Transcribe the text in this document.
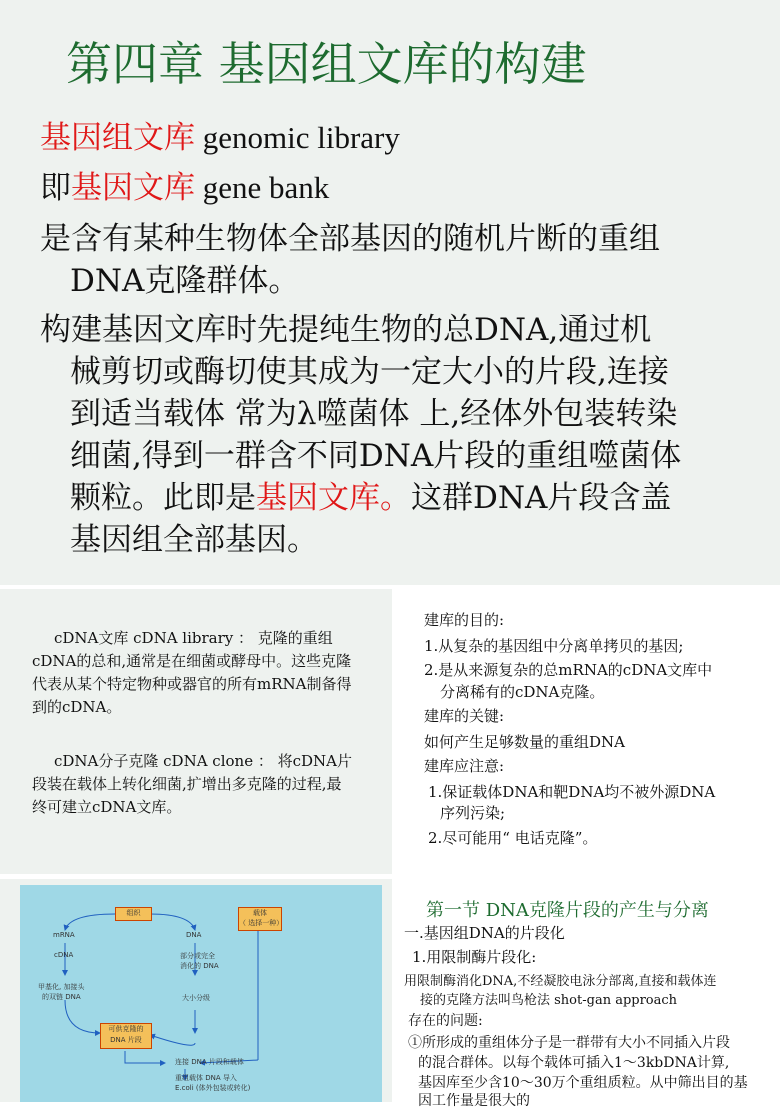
第四章 基因组文库的构建
基因组文库 genomic library
即基因文库 gene bank
是含有某种生物体全部基因的随机片断的重组
DNA克隆群体。
构建基因文库时先提纯生物的总DNA,通过机
械剪切或酶切使其成为一定大小的片段,连接
到适当载体 常为λ噬菌体 上,经体外包装转染
细菌,得到一群含不同DNA片段的重组噬菌体
颗粒。此即是基因文库。这群DNA片段含盖
基因组全部基因。
cDNA文库 cDNA library ： 克隆的重组cDNA的总和,通常是在细菌或酵母中。这些克隆代表从某个特定物种或器官的所有mRNA制备得到的cDNA。
cDNA分子克隆 cDNA clone ： 将cDNA片段装在载体上转化细菌,扩增出多克隆的过程,最终可建立cDNA文库。
建库的目的:
1.从复杂的基因组中分离单拷贝的基因;
2.是从来源复杂的总mRNA的cDNA文库中
分离稀有的cDNA克隆。
建库的关键:
如何产生足够数量的重组DNA
建库应注意:
1.保证载体DNA和靶DNA均不被外源DNA
序列污染;
2.尽可能用“ 电话克隆”。
组织	载体
（ 选择一种）
mRNA	DNA
cDNA	部分或完全
消化的 DNA
甲基化, 加接头
的双链 DNA	大小分级
可供克隆的
DNA 片段
连接 DNA 片段和载体
重组载体 DNA 导入
E.coli (体外包装或转化)
第一节 DNA克隆片段的产生与分离
一.基因组DNA的片段化
1.用限制酶片段化:
用限制酶消化DNA,不经凝胶电泳分部离,直接和载体连
接的克隆方法叫鸟枪法 shot-gan approach
存在的问题:
①所形成的重组体分子是一群带有大小不同插入片段
的混合群体。以每个载体可插入1～3kbDNA计算,
基因库至少含10～30万个重组质粒。从中筛出目的基
因工作量是很大的
